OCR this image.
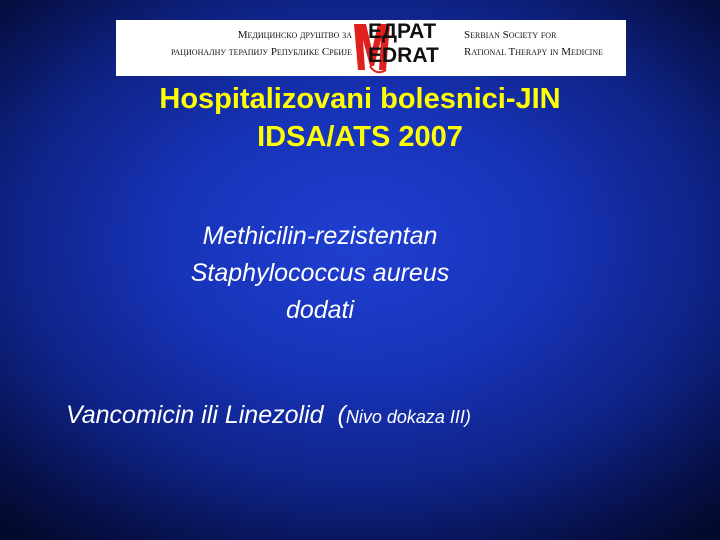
Медицинско друштво за
рационалну терапију Републике Србије
ЕДРАТ
EDRAT
Serbian Society for
Rational Therapy in Medicine
Hospitalizovani bolesnici-JIN
IDSA/ATS 2007
Methicilin-rezistentan
Staphylococcus aureus
dodati
Vancomicin ili Linezolid (Nivo dokaza III)
